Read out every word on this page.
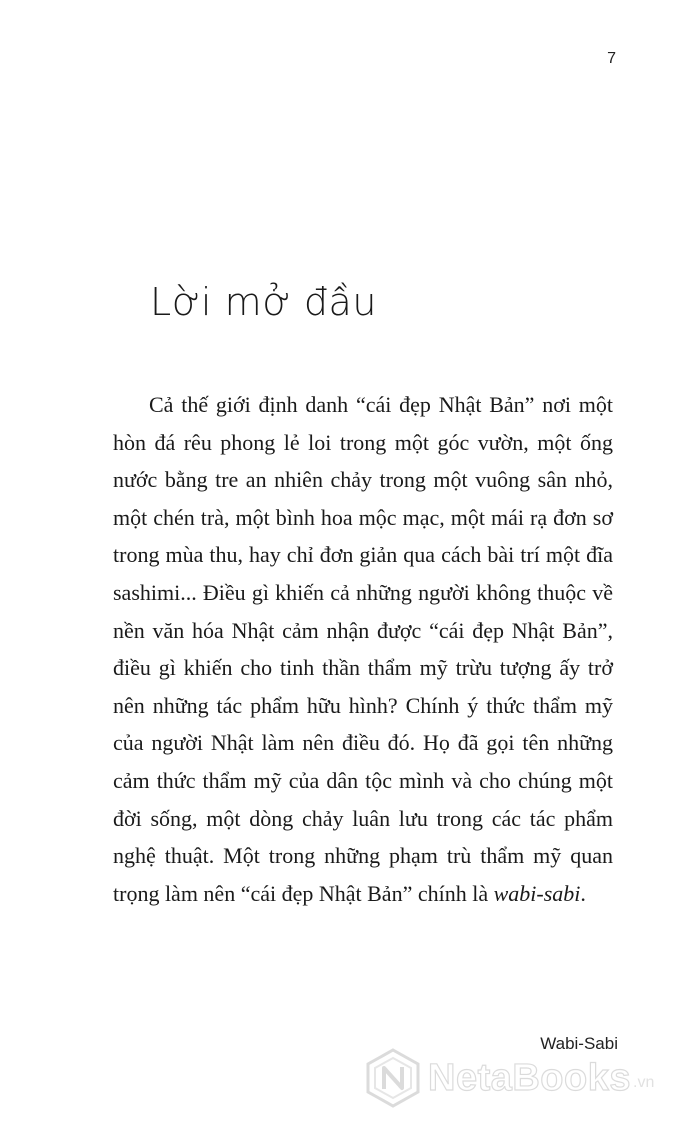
7
Lời mở đầu

Cả thế giới định danh “cái đẹp Nhật Bản” nơi một hòn đá rêu phong lẻ loi trong một góc vườn, một ống nước bằng tre an nhiên chảy trong một vuông sân nhỏ, một chén trà, một bình hoa mộc mạc, một mái rạ đơn sơ trong mùa thu, hay chỉ đơn giản qua cách bài trí một đĩa sashimi... Điều gì khiến cả những người không thuộc về nền văn hóa Nhật cảm nhận được “cái đẹp Nhật Bản”, điều gì khiến cho tinh thần thẩm mỹ trừu tượng ấy trở nên những tác phẩm hữu hình? Chính ý thức thẩm mỹ của người Nhật làm nên điều đó. Họ đã gọi tên những cảm thức thẩm mỹ của dân tộc mình và cho chúng một đời sống, một dòng chảy luân lưu trong các tác phẩm nghệ thuật. Một trong những phạm trù thẩm mỹ quan trọng làm nên “cái đẹp Nhật Bản” chính là wabi-sabi.

Wabi-Sabi
NetaBooks .vn
